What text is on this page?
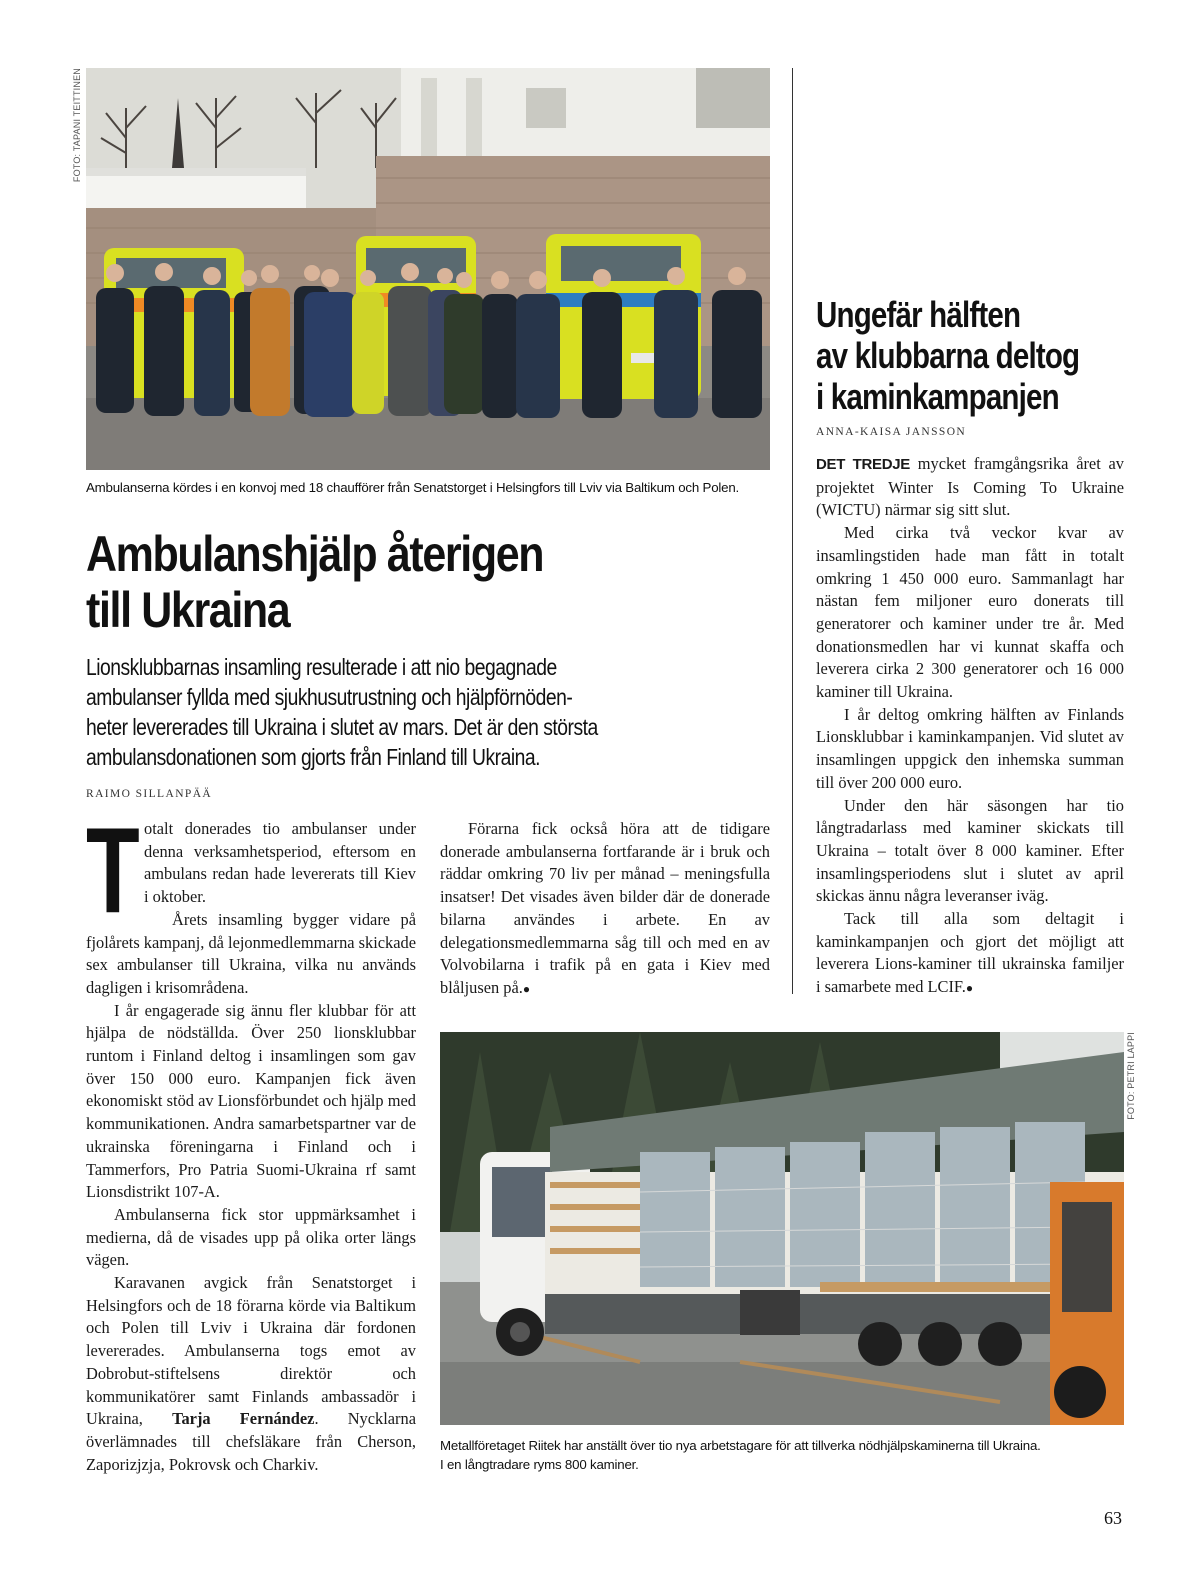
FOTO: TAPANI TEITTINEN
Ambulanserna kördes i en konvoj med 18 chaufförer från Senatstorget i Helsingfors till Lviv via Baltikum och Polen.
Ambulanshjälp återigen
till Ukraina
Lionsklubbarnas insamling resulterade i att nio begagnade
ambulanser fyllda med sjukhusutrustning och hjälpförnöden-
heter levererades till Ukraina i slutet av mars. Det är den största
ambulansdonationen som gjorts från Finland till Ukraina.
RAIMO SILLANPÄÄ
T otalt donerades tio ambulanser under denna verksamhetsperiod, eftersom en ambulans redan hade levererats till Kiev i oktober.

Årets insamling bygger vidare på fjolårets kampanj, då lejonmedlemmarna skickade sex ambulanser till Ukraina, vilka nu används dagligen i krisområdena.

I år engagerade sig ännu fler klubbar för att hjälpa de nödställda. Över 250 lionsklubbar runtom i Finland deltog i insamlingen som gav över 150 000 euro. Kampanjen fick även ekonomiskt stöd av Lionsförbundet och hjälp med kommunikationen. Andra samarbetspartner var de ukrainska föreningarna i Finland och i Tammerfors, Pro Patria Suomi-Ukraina rf samt Lionsdistrikt 107-A.

Ambulanserna fick stor uppmärksamhet i medierna, då de visades upp på olika orter längs vägen.

Karavanen avgick från Senatstorget i Helsingfors och de 18 förarna körde via Baltikum och Polen till Lviv i Ukraina där fordonen levererades. Ambulanserna togs emot av Dobrobut-stiftelsens direktör och kommunikatörer samt Finlands ambassadör i Ukraina, Tarja Fernández. Nycklarna överlämnades till chefsläkare från Cherson, Zaporizjzja, Pokrovsk och Charkiv.

Förarna fick också höra att de tidigare donerade ambulanserna fortfarande är i bruk och räddar omkring 70 liv per månad – meningsfulla insatser! Det visades även bilder där de donerade bilarna användes i arbete. En av delegationsmedlemmarna såg till och med en av Volvobilarna i trafik på en gata i Kiev med blåljusen på.●

Ungefär hälften
av klubbarna deltog
i kaminkampanjen
ANNA-KAISA JANSSON

DET TREDJE mycket framgångsrika året av projektet Winter Is Coming To Ukraine (WICTU) närmar sig sitt slut.

Med cirka två veckor kvar av insamlingstiden hade man fått in totalt omkring 1 450 000 euro. Sammanlagt har nästan fem miljoner euro donerats till generatorer och kaminer under tre år. Med donationsmedlen har vi kunnat skaffa och leverera cirka 2 300 generatorer och 16 000 kaminer till Ukraina.

I år deltog omkring hälften av Finlands Lionsklubbar i kaminkampanjen. Vid slutet av insamlingen uppgick den inhemska summan till över 200 000 euro.

Under den här säsongen har tio långtradarlass med kaminer skickats till Ukraina – totalt över 8 000 kaminer. Efter insamlingsperiodens slut i slutet av april skickas ännu några leveranser iväg.

Tack till alla som deltagit i kaminkampanjen och gjort det möjligt att leverera Lions-kaminer till ukrainska familjer i samarbete med LCIF.●

FOTO: PETRI LAPPI
Metallföretaget Riitek har anställt över tio nya arbetstagare för att tillverka nödhjälpskaminerna till Ukraina.
I en långtradare ryms 800 kaminer.
63
